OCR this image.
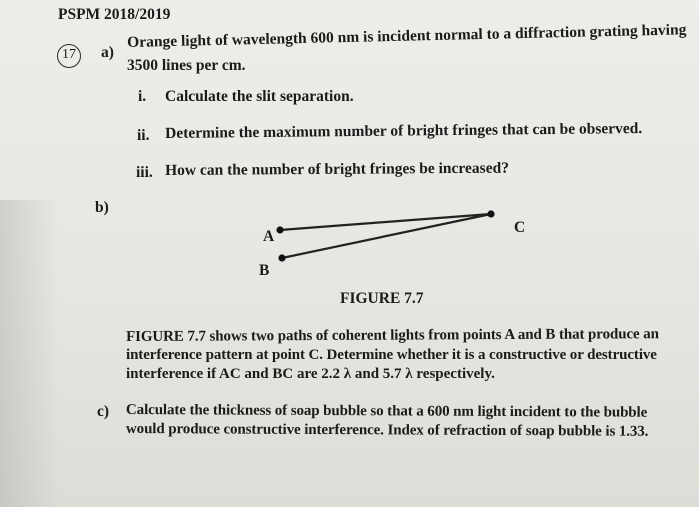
PSPM 2018/2019
17 a)
Orange light of wavelength 600 nm is incident normal to a diffraction grating having
3500 lines per cm.
i. Calculate the slit separation.
ii. Determine the maximum number of bright fringes that can be observed.
iii. How can the number of bright fringes be increased?
b)
A
B
C
FIGURE 7.7
FIGURE 7.7 shows two paths of coherent lights from points A and B that produce an
interference pattern at point C. Determine whether it is a constructive or destructive
interference if AC and BC are 2.2 λ and 5.7 λ respectively.
c) Calculate the thickness of soap bubble so that a 600 nm light incident to the bubble
would produce constructive interference. Index of refraction of soap bubble is 1.33.
